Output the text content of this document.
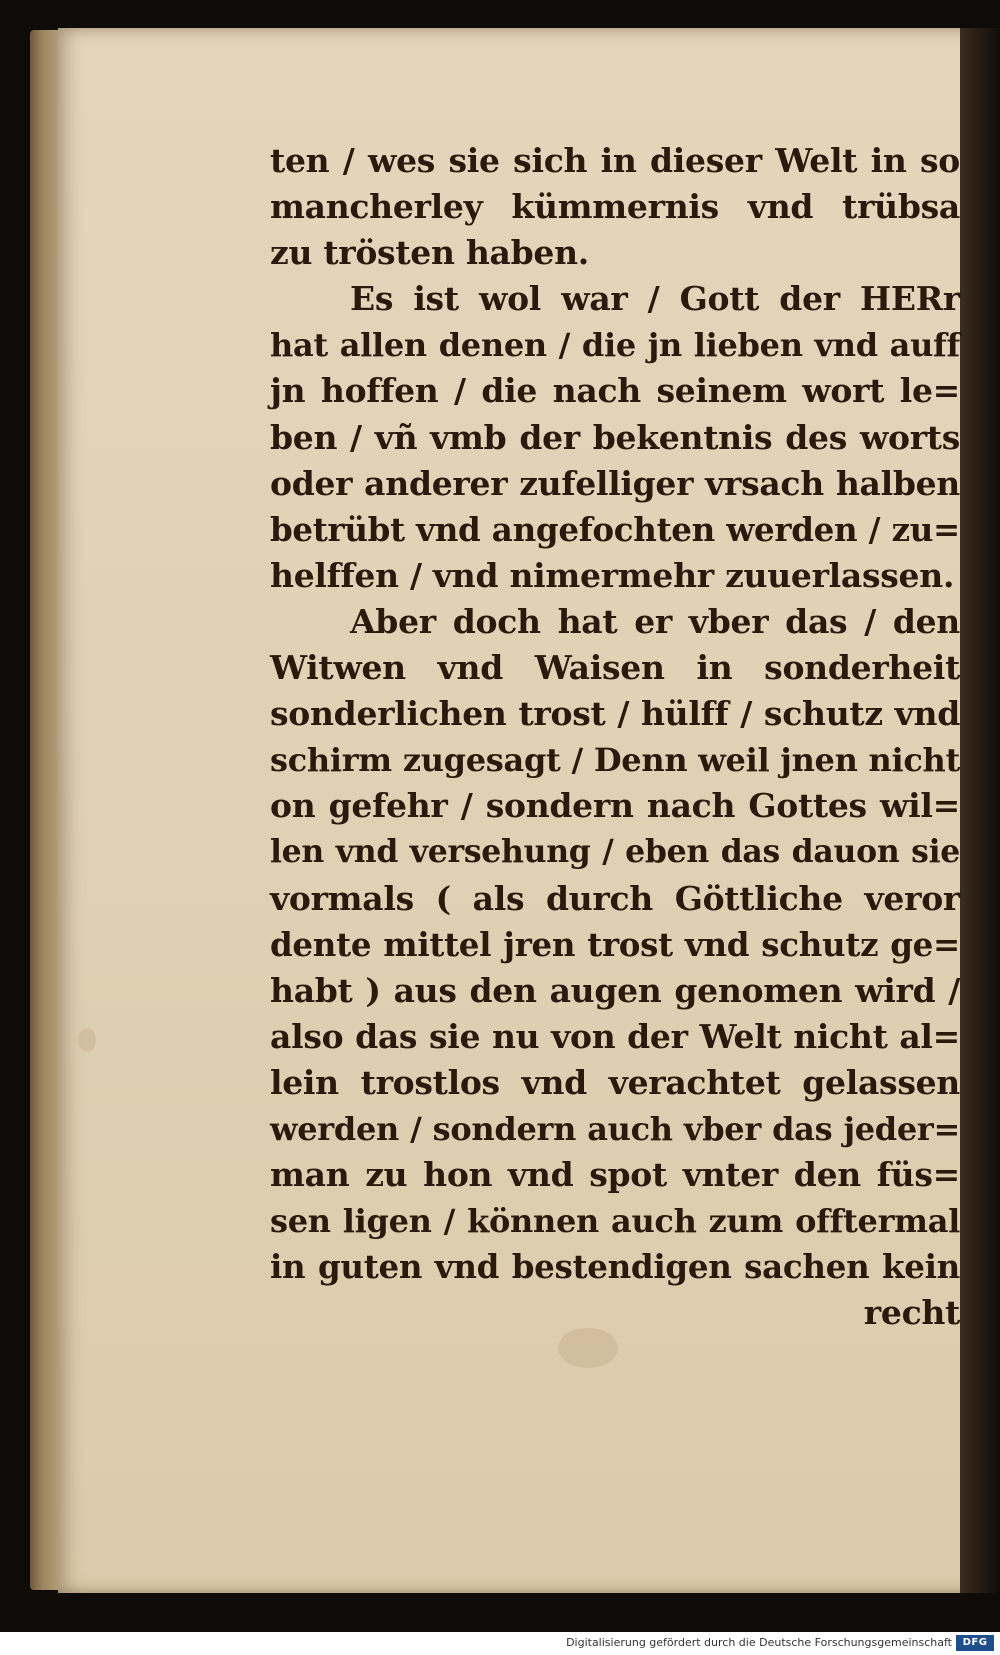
ten / wes sie sich in dieser Welt in so
mancherley kümmernis vnd trübsa
zu trösten haben.
Es ist wol war / Gott der HERr
hat allen denen / die jn lieben vnd auff
jn hoffen / die nach seinem wort le=
ben / vñ vmb der bekentnis des worts
oder anderer zufelliger vrsach halben
betrübt vnd angefochten werden / zu=
helffen / vnd nimermehr zuuerlassen.
Aber doch hat er vber das / den
Witwen vnd Waisen in sonderheit
sonderlichen trost / hülff / schutz vnd
schirm zugesagt / Denn weil jnen nicht
on gefehr / sondern nach Gottes wil=
len vnd versehung / eben das dauon sie
vormals ( als durch Göttliche veror
dente mittel jren trost vnd schutz ge=
habt ) aus den augen genomen wird /
also das sie nu von der Welt nicht al=
lein trostlos vnd verachtet gelassen
werden / sondern auch vber das jeder=
man zu hon vnd spot vnter den füs=
sen ligen / können auch zum offtermal
in guten vnd bestendigen sachen kein
recht
Digitalisierung gefördert durch die Deutsche Forschungsgemeinschaft	DFG
